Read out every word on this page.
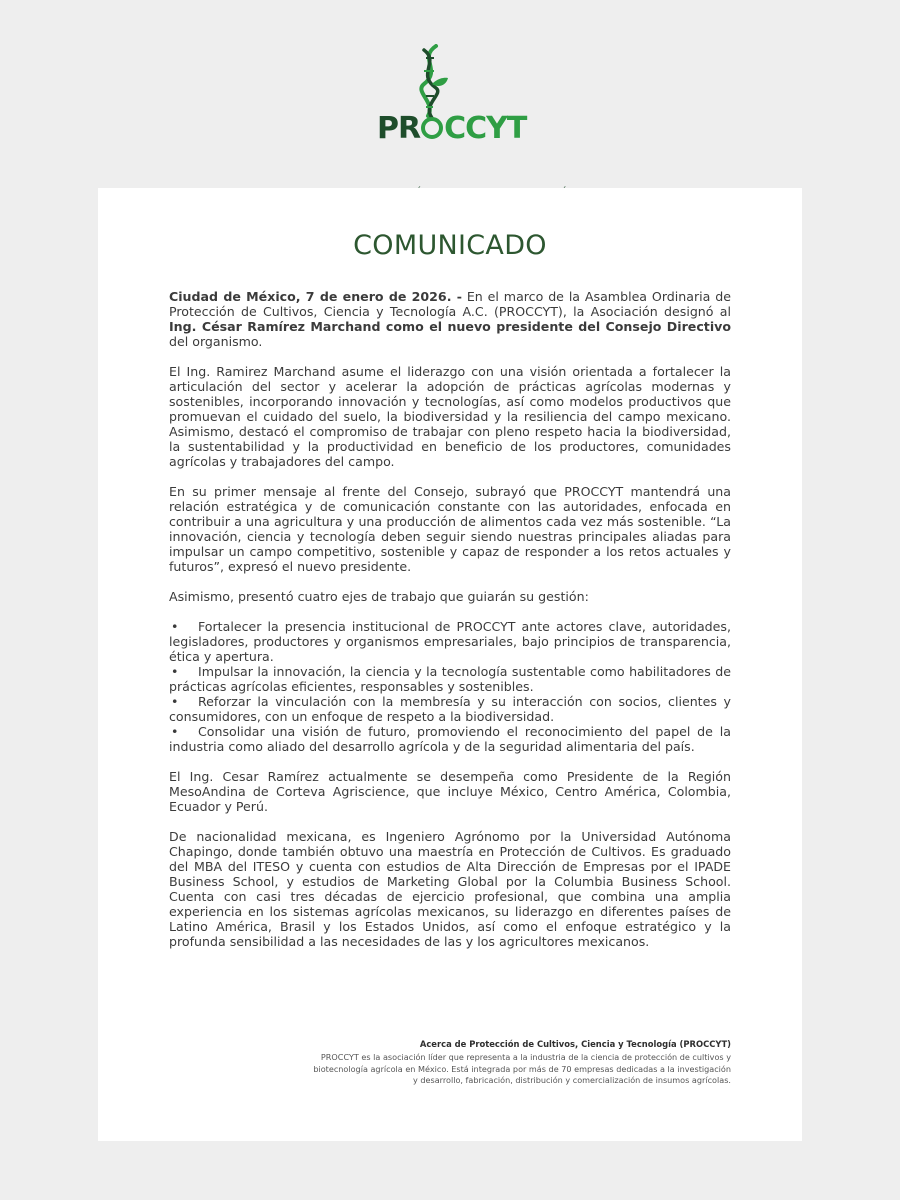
PR CCYT
COMUNICADO

Ciudad de México, 7 de enero de 2026. - En el marco de la Asamblea Ordinaria de Protección de Cultivos, Ciencia y Tecnología A.C. (PROCCYT), la Asociación designó al Ing. César Ramírez Marchand como el nuevo presidente del Consejo Directivo del organismo.

El Ing. Ramirez Marchand asume el liderazgo con una visión orientada a fortalecer la articulación del sector y acelerar la adopción de prácticas agrícolas modernas y sostenibles, incorporando innovación y tecnologías, así como modelos productivos que promuevan el cuidado del suelo, la biodiversidad y la resiliencia del campo mexicano. Asimismo, destacó el compromiso de trabajar con pleno respeto hacia la biodiversidad, la sustentabilidad y la productividad en beneficio de los productores, comunidades agrícolas y trabajadores del campo.

En su primer mensaje al frente del Consejo, subrayó que PROCCYT mantendrá una relación estratégica y de comunicación constante con las autoridades, enfocada en contribuir a una agricultura y una producción de alimentos cada vez más sostenible. “La innovación, ciencia y tecnología deben seguir siendo nuestras principales aliadas para impulsar un campo competitivo, sostenible y capaz de responder a los retos actuales y futuros”, expresó el nuevo presidente.

Asimismo, presentó cuatro ejes de trabajo que guiarán su gestión:

• Fortalecer la presencia institucional de PROCCYT ante actores clave, autoridades, legisladores, productores y organismos empresariales, bajo principios de transparencia, ética y apertura.
• Impulsar la innovación, la ciencia y la tecnología sustentable como habilitadores de prácticas agrícolas eficientes, responsables y sostenibles.
• Reforzar la vinculación con la membresía y su interacción con socios, clientes y consumidores, con un enfoque de respeto a la biodiversidad.
• Consolidar una visión de futuro, promoviendo el reconocimiento del papel de la industria como aliado del desarrollo agrícola y de la seguridad alimentaria del país.

El Ing. Cesar Ramírez actualmente se desempeña como Presidente de la Región MesoAndina de Corteva Agriscience, que incluye México, Centro América, Colombia, Ecuador y Perú.

De nacionalidad mexicana, es Ingeniero Agrónomo por la Universidad Autónoma Chapingo, donde también obtuvo una maestría en Protección de Cultivos. Es graduado del MBA del ITESO y cuenta con estudios de Alta Dirección de Empresas por el IPADE Business School, y estudios de Marketing Global por la Columbia Business School. Cuenta con casi tres décadas de ejercicio profesional, que combina una amplia experiencia en los sistemas agrícolas mexicanos, su liderazgo en diferentes países de Latino América, Brasil y los Estados Unidos, así como el enfoque estratégico y la profunda sensibilidad a las necesidades de las y los agricultores mexicanos.

Acerca de Protección de Cultivos, Ciencia y Tecnología (PROCCYT)

PROCCYT es la asociación líder que representa a la industria de la ciencia de protección de cultivos y

biotecnología agrícola en México. Está integrada por más de 70 empresas dedicadas a la investigación

y desarrollo, fabricación, distribución y comercialización de insumos agrícolas.
